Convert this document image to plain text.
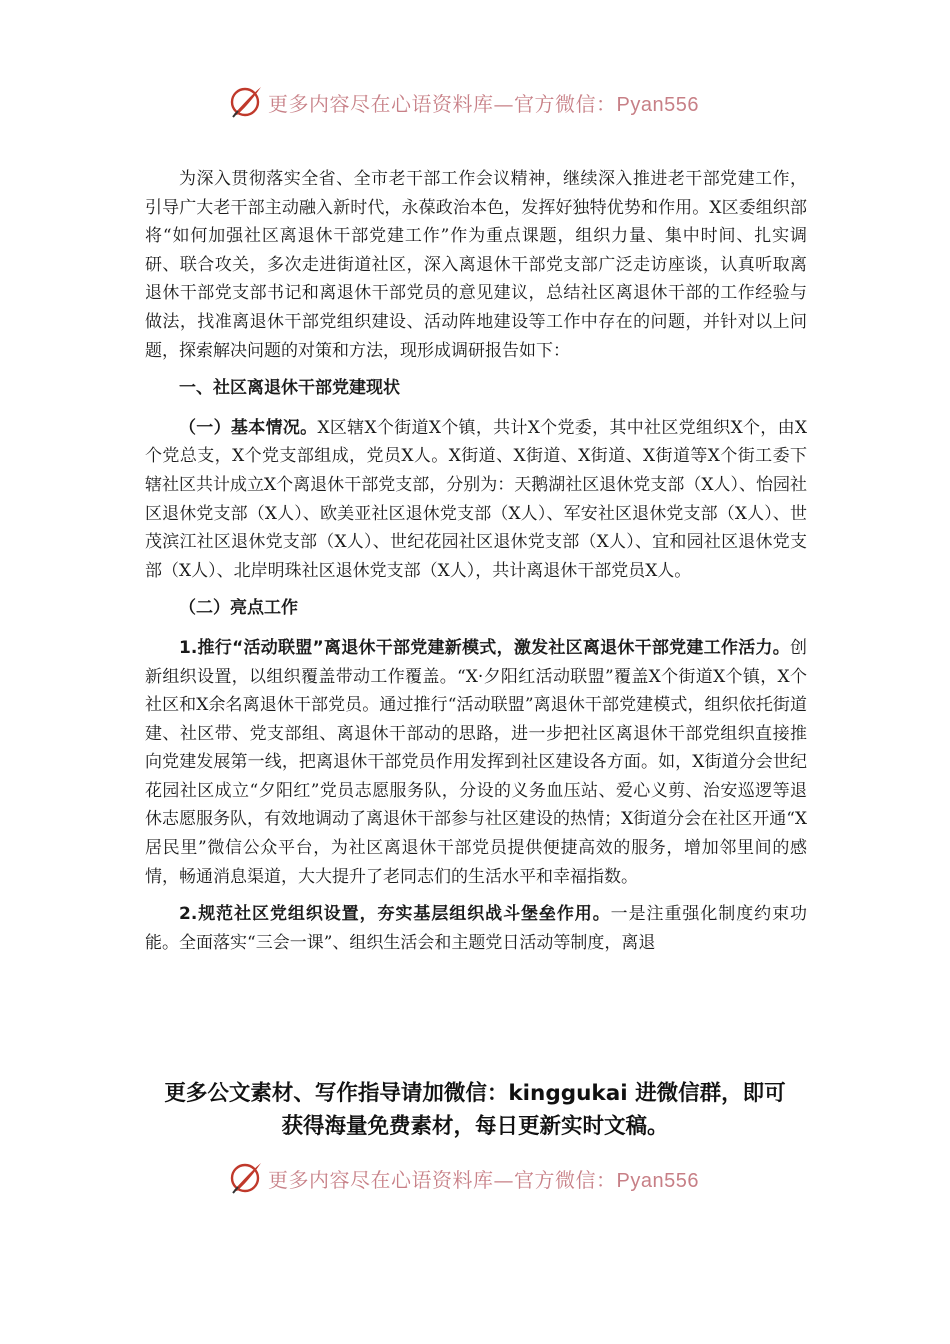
更多内容尽在心语资料库—官方微信：Pyan556

为深入贯彻落实全省、全市老干部工作会议精神，继续深入推进老干部党建工作，引导广大老干部主动融入新时代，永葆政治本色，发挥好独特优势和作用。X区委组织部将“如何加强社区离退休干部党建工作”作为重点课题，组织力量、集中时间、扎实调研、联合攻关，多次走进街道社区，深入离退休干部党支部广泛走访座谈，认真听取离退休干部党支部书记和离退休干部党员的意见建议，总结社区离退休干部的工作经验与做法，找准离退休干部党组织建设、活动阵地建设等工作中存在的问题，并针对以上问题，探索解决问题的对策和方法，现形成调研报告如下：

一、社区离退休干部党建现状

（一）基本情况。X区辖X个街道X个镇，共计X个党委，其中社区党组织X个，由X个党总支，X个党支部组成，党员X人。X街道、X街道、X街道、X街道等X个街工委下辖社区共计成立X个离退休干部党支部，分别为：天鹅湖社区退休党支部（X人）、怡园社区退休党支部（X人）、欧美亚社区退休党支部（X人）、军安社区退休党支部（X人）、世茂滨江社区退休党支部（X人）、世纪花园社区退休党支部（X人）、宜和园社区退休党支部（X人）、北岸明珠社区退休党支部（X人），共计离退休干部党员X人。

（二）亮点工作

1.推行“活动联盟”离退休干部党建新模式，激发社区离退休干部党建工作活力。创新组织设置，以组织覆盖带动工作覆盖。“X·夕阳红活动联盟”覆盖X个街道X个镇，X个社区和X余名离退休干部党员。通过推行“活动联盟”离退休干部党建模式，组织依托街道建、社区带、党支部组、离退休干部动的思路，进一步把社区离退休干部党组织直接推向党建发展第一线，把离退休干部党员作用发挥到社区建设各方面。如，X街道分会世纪花园社区成立“夕阳红”党员志愿服务队，分设的义务血压站、爱心义剪、治安巡逻等退休志愿服务队，有效地调动了离退休干部参与社区建设的热情；X街道分会在社区开通“X居民里”微信公众平台，为社区离退休干部党员提供便捷高效的服务，增加邻里间的感情，畅通消息渠道，大大提升了老同志们的生活水平和幸福指数。

2.规范社区党组织设置，夯实基层组织战斗堡垒作用。一是注重强化制度约束功能。全面落实“三会一课”、组织生活会和主题党日活动等制度，离退

更多公文素材、写作指导请加微信：kinggukai 进微信群，即可
获得海量免费素材，每日更新实时文稿。
更多内容尽在心语资料库—官方微信：Pyan556
